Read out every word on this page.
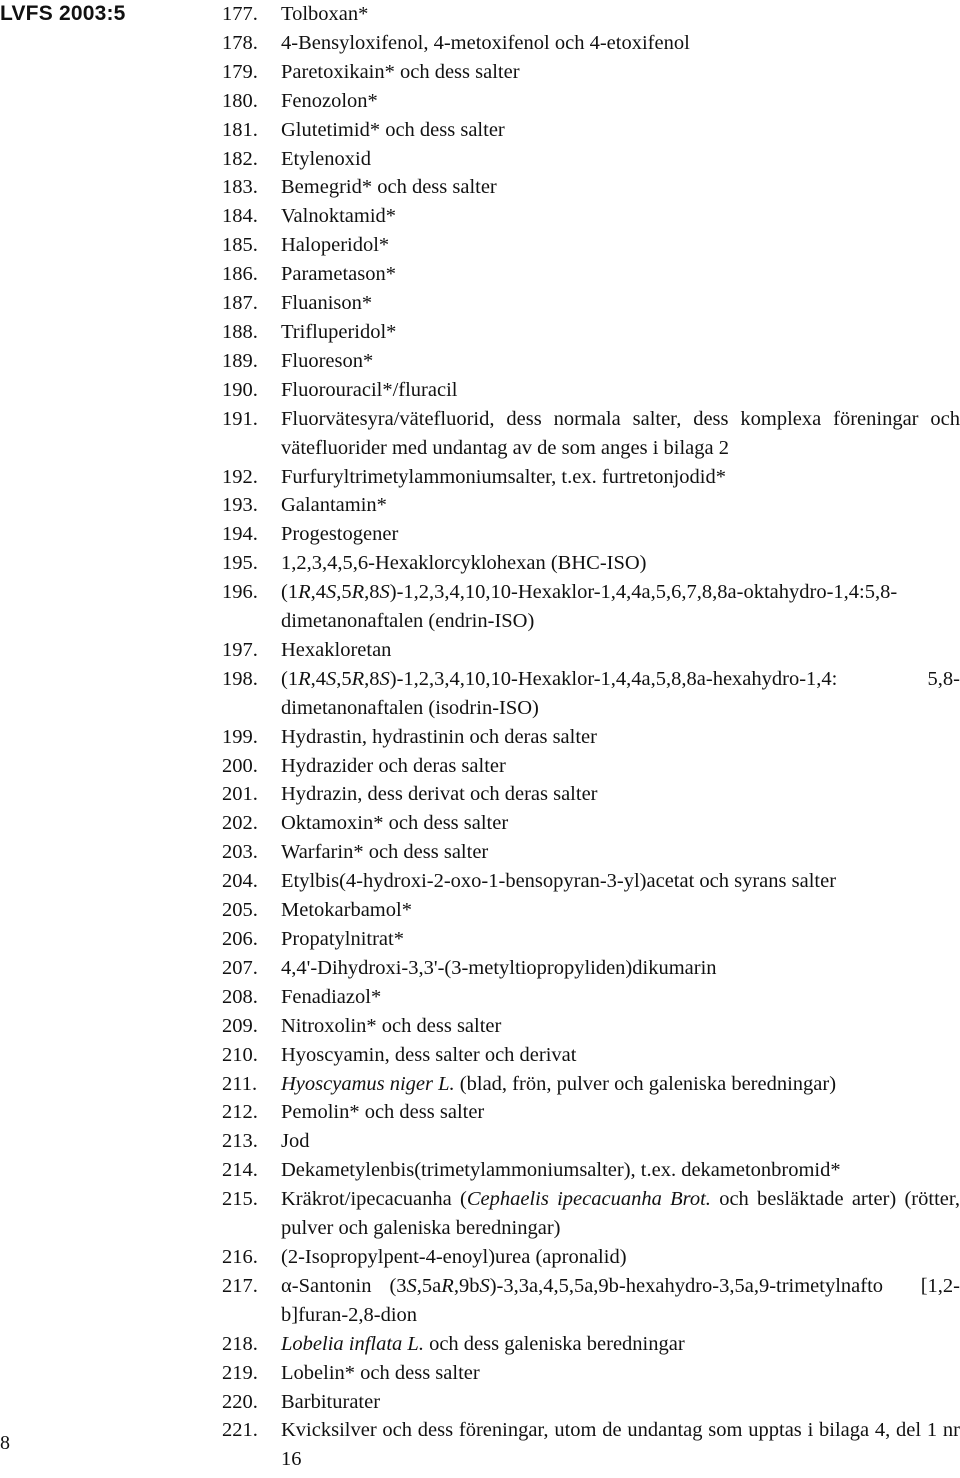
LVFS 2003:5
8
177.	Tolboxan*
178.	4-Bensyloxifenol, 4-metoxifenol och 4-etoxifenol
179.	Paretoxikain* och dess salter
180.	Fenozolon*
181.	Glutetimid* och dess salter
182.	Etylenoxid
183.	Bemegrid* och dess salter
184.	Valnoktamid*
185.	Haloperidol*
186.	Parametason*
187.	Fluanison*
188.	Trifluperidol*
189.	Fluoreson*
190.	Fluorouracil*/fluracil
191.	Fluorvätesyra/vätefluorid, dess normala salter, dess komplexa föreningar och vätefluorider med undantag av de som anges i bilaga 2
192.	Furfuryltrimetylammoniumsalter, t.ex. furtretonjodid*
193.	Galantamin*
194.	Progestogener
195.	1,2,3,4,5,6-Hexaklorcyklohexan (BHC-ISO)
196.	(1R,4S,5R,8S)-1,2,3,4,10,10-Hexaklor-1,4,4a,5,6,7,8,8a-oktahydro-1,4:5,8-dimetanonaftalen (endrin-ISO)
197.	Hexakloretan
198.	(1R,4S,5R,8S)-1,2,3,4,10,10-Hexaklor-1,4,4a,5,8,8a-hexahydro-1,4: 5,8-dimetanonaftalen (isodrin-ISO)
199.	Hydrastin, hydrastinin och deras salter
200.	Hydrazider och deras salter
201.	Hydrazin, dess derivat och deras salter
202.	Oktamoxin* och dess salter
203.	Warfarin* och dess salter
204.	Etylbis(4-hydroxi-2-oxo-1-bensopyran-3-yl)acetat och syrans salter
205.	Metokarbamol*
206.	Propatylnitrat*
207.	4,4'-Dihydroxi-3,3'-(3-metyltiopropyliden)dikumarin
208.	Fenadiazol*
209.	Nitroxolin* och dess salter
210.	Hyoscyamin, dess salter och derivat
211.	Hyoscyamus niger L. (blad, frön, pulver och galeniska beredningar)
212.	Pemolin* och dess salter
213.	Jod
214.	Dekametylenbis(trimetylammoniumsalter), t.ex. dekametonbromid*
215.	Kräkrot/ipecacuanha (Cephaelis ipecacuanha Brot. och besläktade arter) (rötter, pulver och galeniska beredningar)
216.	(2-Isopropylpent-4-enoyl)urea (apronalid)
217.	α-Santonin (3S,5aR,9bS)-3,3a,4,5,5a,9b-hexahydro-3,5a,9-trimetylnafto [1,2-b]furan-2,8-dion
218.	Lobelia inflata L. och dess galeniska beredningar
219.	Lobelin* och dess salter
220.	Barbiturater
221.	Kvicksilver och dess föreningar, utom de undantag som upptas i bilaga 4, del 1 nr 16
